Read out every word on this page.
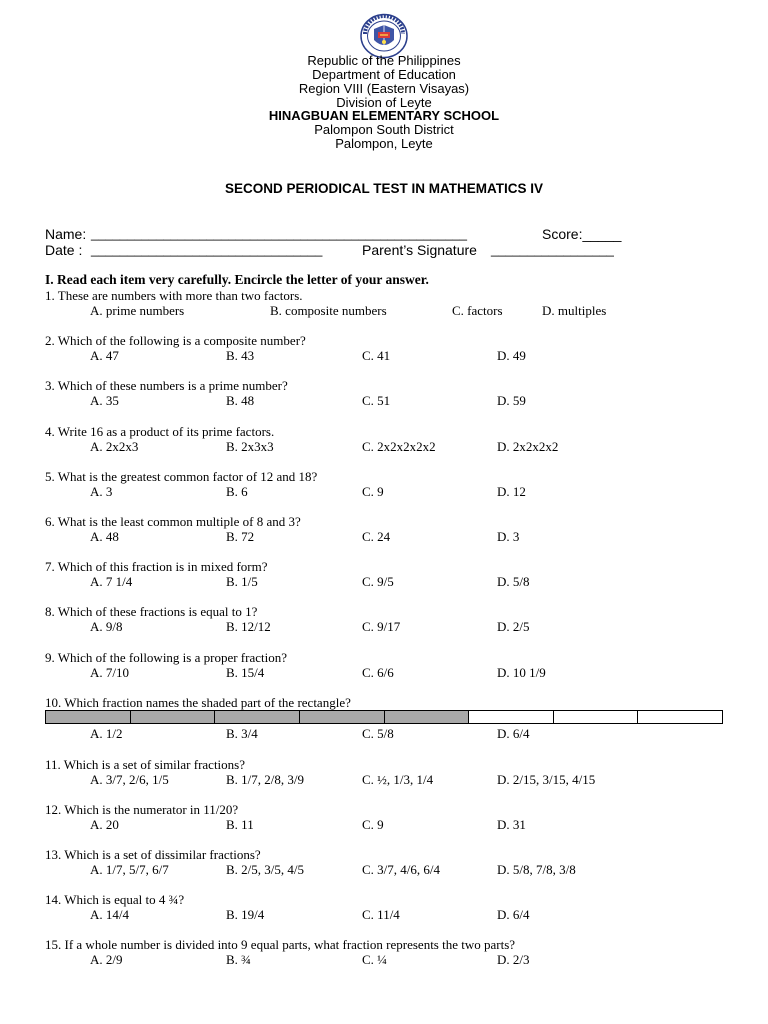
Republic of the Philippines
Department of Education
Region VIII (Eastern Visayas)
Division of Leyte
HINAGBUAN ELEMENTARY SCHOOL
Palompon South District
Palompon, Leyte
SECOND PERIODICAL TEST IN MATHEMATICS IV
Name: ____________________________________________________	Score:_____
Date : ________________________________	Parent’s Signature _________________
I. Read each item very carefully. Encircle the letter of your answer.
1. These are numbers with more than two factors.
A. prime numbers	B. composite numbers	C. factors	D. multiples
2. Which of the following is a composite number?
A. 47	B. 43	C. 41	D. 49
3. Which of these numbers is a prime number?
A. 35	B. 48	C. 51	D. 59
4. Write 16 as a product of its prime factors.
A. 2x2x3	B. 2x3x3	C. 2x2x2x2x2	D. 2x2x2x2
5. What is the greatest common factor of 12 and 18?
A. 3	B. 6	C. 9	D. 12
6. What is the least common multiple of 8 and 3?
A. 48	B. 72	C. 24	D. 3
7. Which of this fraction is in mixed form?
A. 7 1/4	B. 1/5	C. 9/5	D. 5/8
8. Which of these fractions is equal to 1?
A. 9/8	B. 12/12	C. 9/17	D. 2/5
9. Which of the following is a proper fraction?
A. 7/10	B. 15/4	C. 6/6	D. 10 1/9
10. Which fraction names the shaded part of the rectangle?
A. 1/2	B. 3/4	C. 5/8	D. 6/4
11. Which is a set of similar fractions?
A. 3/7, 2/6, 1/5	B. 1/7, 2/8, 3/9	C. ½, 1/3, 1/4	D. 2/15, 3/15, 4/15
12. Which is the numerator in 11/20?
A. 20	B. 11	C. 9	D. 31
13. Which is a set of dissimilar fractions?
A. 1/7, 5/7, 6/7	B. 2/5, 3/5, 4/5	C. 3/7, 4/6, 6/4	D. 5/8, 7/8, 3/8
14. Which is equal to 4 ¾?
A. 14/4	B. 19/4	C. 11/4	D. 6/4
15. If a whole number is divided into 9 equal parts, what fraction represents the two parts?
A. 2/9	B. ¾	C. ¼	D. 2/3
